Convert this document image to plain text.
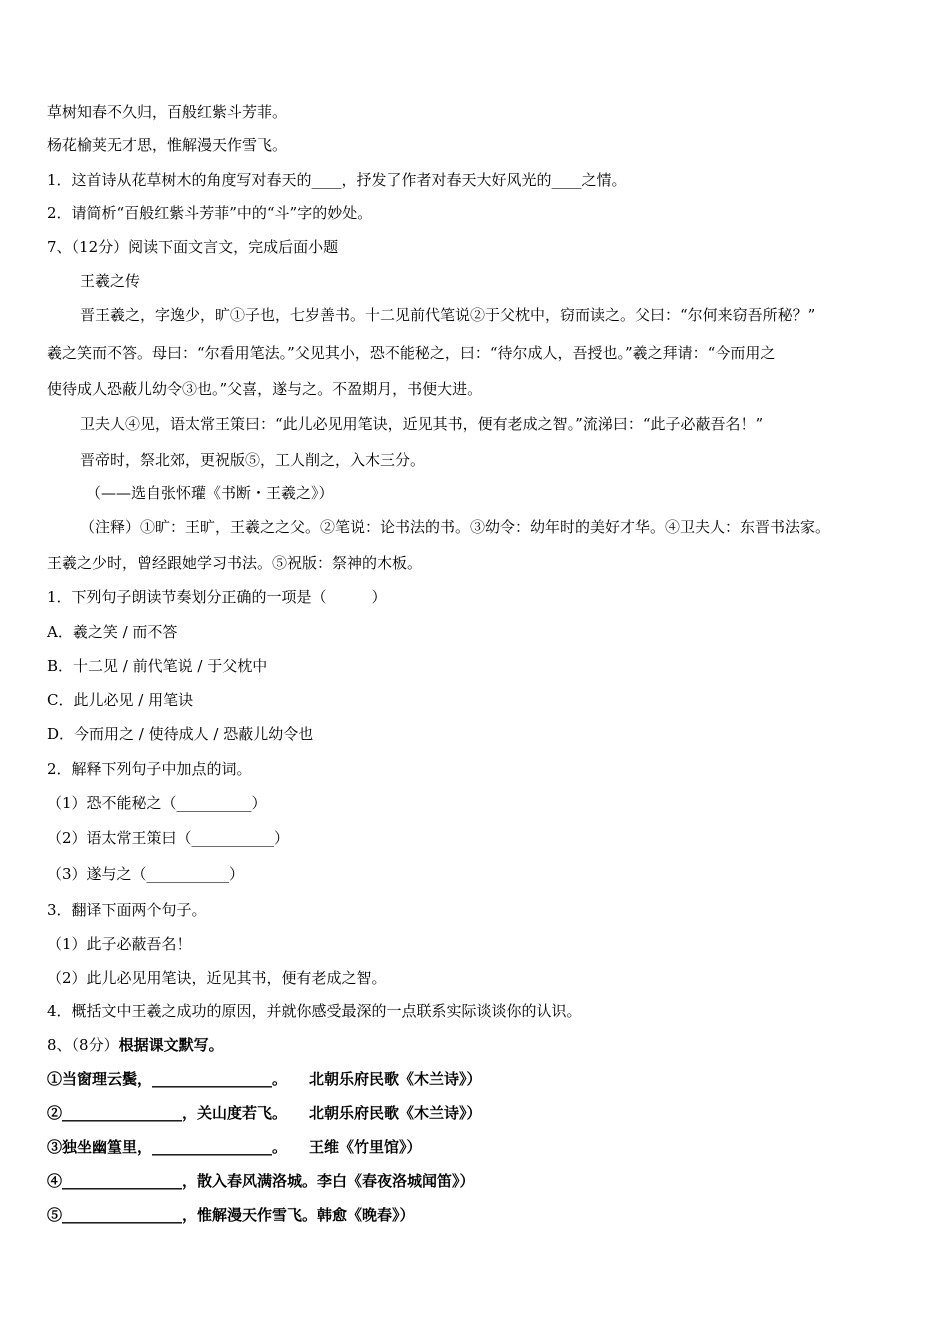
草树知春不久归，百般红紫斗芳菲。
杨花榆荚无才思，惟解漫天作雪飞。
1．这首诗从花草树木的角度写对春天的____，抒发了作者对春天大好风光的____之情。
2．请简析“百般红紫斗芳菲”中的“斗”字的妙处。
7、（12分）阅读下面文言文，完成后面小题
王羲之传
晋王羲之，字逸少，旷①子也，七岁善书。十二见前代笔说②于父枕中，窃而读之。父曰：“尔何来窃吾所秘？”
羲之笑而不答。母曰：“尔看用笔法。”父见其小，恐不能秘之，曰：“待尔成人，吾授也。”羲之拜请：“今而用之
使待成人恐蔽儿幼令③也。”父喜，遂与之。不盈期月，书便大进。
卫夫人④见，语太常王策曰：“此儿必见用笔诀，近见其书，便有老成之智。”流涕曰：“此子必蔽吾名！”
晋帝时，祭北郊，更祝版⑤，工人削之，入木三分。
（——选自张怀瓘《书断・王羲之》）
（注释）①旷：王旷，王羲之之父。②笔说：论书法的书。③幼令：幼年时的美好才华。④卫夫人：东晋书法家。
王羲之少时，曾经跟她学习书法。⑤祝版：祭神的木板。
1．下列句子朗读节奏划分正确的一项是（　　　）
A．羲之笑 / 而不答
B．十二见 / 前代笔说 / 于父枕中
C．此儿必见 / 用笔诀
D．今而用之 / 使待成人 / 恐蔽儿幼令也
2．解释下列句子中加点的词。
（1）恐不能秘之（__________）
（2）语太常王策曰（___________）
（3）遂与之（___________）
3．翻译下面两个句子。
（1）此子必蔽吾名！
（2）此儿必见用笔诀，近见其书，便有老成之智。
4．概括文中王羲之成功的原因，并就你感受最深的一点联系实际谈谈你的认识。
8、（8分）根据课文默写。
①当窗理云鬓，________________。 北朝乐府民歌《木兰诗》）
②________________，关山度若飞。 北朝乐府民歌《木兰诗》）
③独坐幽篁里，________________。 王维《竹里馆》）
④________________，散入春风满洛城。李白《春夜洛城闻笛》）
⑤________________，惟解漫天作雪飞。韩愈《晚春》）
